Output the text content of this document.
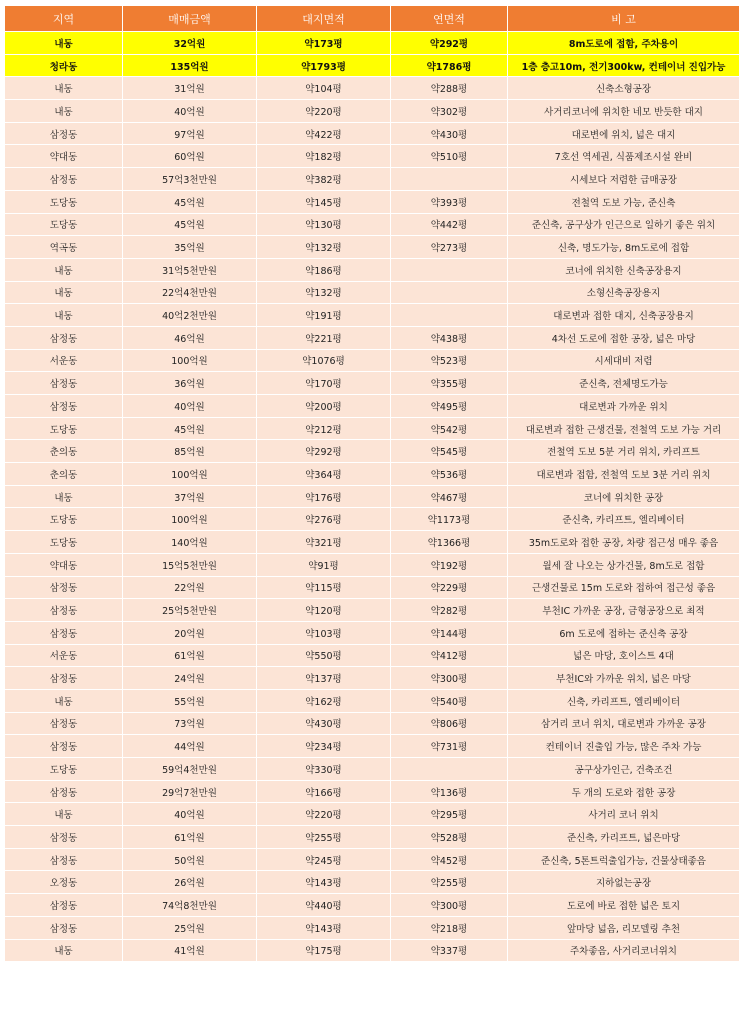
지역	매매금액	대지면적	연면적	비 고
내동	32억원	약173평	약292평	8m도로에 접함, 주차용이
청라동	135억원	약1793평	약1786평	1층 층고10m, 전기300kw, 컨테이너 진입가능
내동	31억원	약104평	약288평	신축소형공장
내동	40억원	약220평	약302평	사거리코너에 위치한 네모 반듯한 대지
삼정동	97억원	약422평	약430평	대로변에 위치, 넓은 대지
약대동	60억원	약182평	약510평	7호선 역세권, 식품제조시설 완비
삼정동	57억3천만원	약382평		시세보다 저렴한 급매공장
도당동	45억원	약145평	약393평	전철역 도보 가능, 준신축
도당동	45억원	약130평	약442평	준신축, 공구상가 인근으로 일하기 좋은 위치
역곡동	35억원	약132평	약273평	신축, 명도가능, 8m도로에 접함
내동	31억5천만원	약186평		코너에 위치한 신축공장용지
내동	22억4천만원	약132평		소형신축공장용지
내동	40억2천만원	약191평		대로변과 접한 대지, 신축공장용지
삼정동	46억원	약221평	약438평	4차선 도로에 접한 공장, 넓은 마당
서운동	100억원	약1076평	약523평	시세대비 저렴
삼정동	36억원	약170평	약355평	준신축, 전체명도가능
삼정동	40억원	약200평	약495평	대로변과 가까운 위치
도당동	45억원	약212평	약542평	대로변과 접한 근생건물, 전철역 도보 가능 거리
춘의동	85억원	약292평	약545평	전철역 도보 5분 거리 위치, 카리프트
춘의동	100억원	약364평	약536평	대로변과 접함, 전철역 도보 3분 거리 위치
내동	37억원	약176평	약467평	코너에 위치한 공장
도당동	100억원	약276평	약1173평	준신축, 카리프트, 엘리베이터
도당동	140억원	약321평	약1366평	35m도로와 접한 공장, 차량 접근성 매우 좋음
약대동	15억5천만원	약91평	약192평	월세 잘 나오는 상가건물, 8m도로 접함
삼정동	22억원	약115평	약229평	근생건물로 15m 도로와 접하여 접근성 좋음
삼정동	25억5천만원	약120평	약282평	부천IC 가까운 공장, 금형공장으로 최적
삼정동	20억원	약103평	약144평	6m 도로에 접하는 준신축 공장
서운동	61억원	약550평	약412평	넓은 마당, 호이스트 4대
삼정동	24억원	약137평	약300평	부천IC와 가까운 위치, 넓은 마당
내동	55억원	약162평	약540평	신축, 카리프트, 엘리베이터
삼정동	73억원	약430평	약806평	삼거리 코너 위치, 대로변과 가까운 공장
삼정동	44억원	약234평	약731평	컨테이너 진출입 가능, 많은 주차 가능
도당동	59억4천만원	약330평		공구상가인근, 건축조건
삼정동	29억7천만원	약166평	약136평	두 개의 도로와 접한 공장
내동	40억원	약220평	약295평	사거리 코너 위치
삼정동	61억원	약255평	약528평	준신축, 카리프트, 넓은마당
삼정동	50억원	약245평	약452평	준신축, 5톤트럭출입가능, 건물상태좋음
오정동	26억원	약143평	약255평	지하없는공장
삼정동	74억8천만원	약440평	약300평	도로에 바로 접한 넓은 토지
삼정동	25억원	약143평	약218평	앞마당 넓음, 리모델링 추천
내동	41억원	약175평	약337평	주차좋음, 사거리코너위치
